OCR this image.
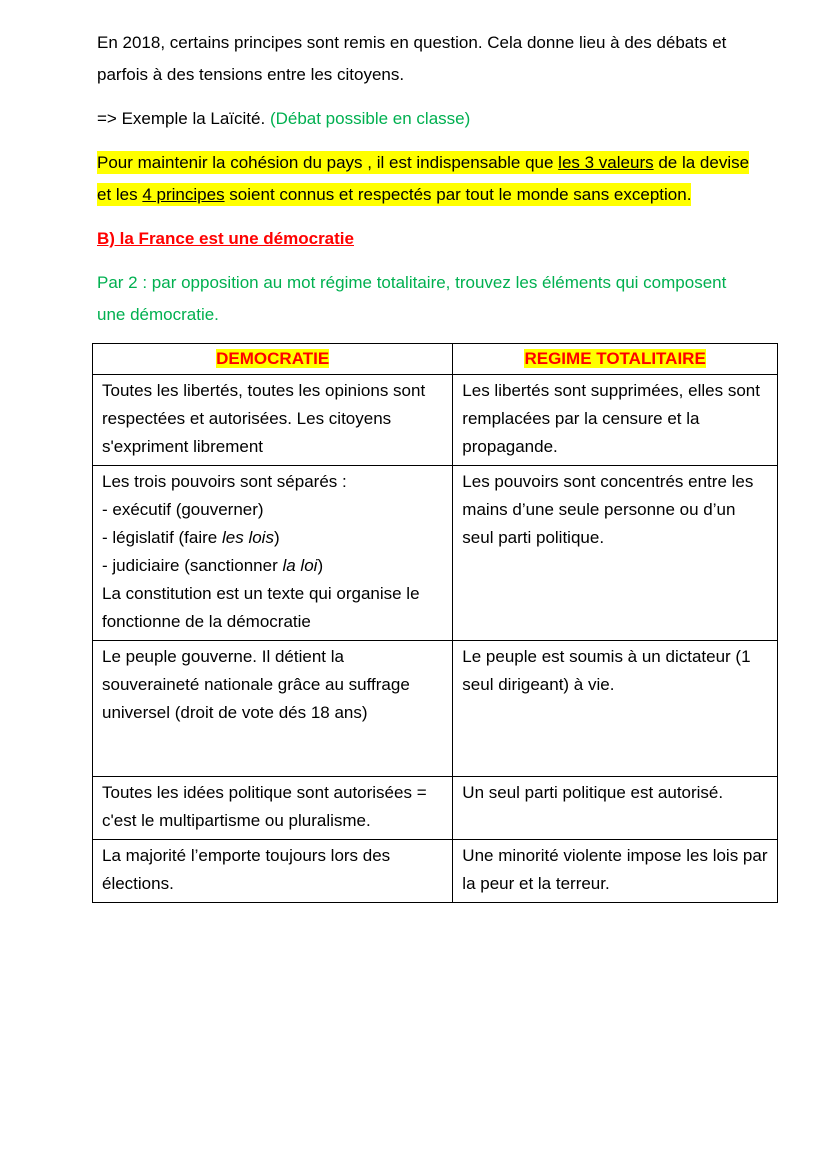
En 2018, certains principes sont remis en question. Cela donne lieu à des débats et parfois à des tensions entre les citoyens.

=> Exemple la Laïcité. (Débat possible en classe)

Pour maintenir la cohésion du pays , il est indispensable que les 3 valeurs de la devise et les 4 principes soient connus et respectés par tout le monde sans exception.

B) la France est une démocratie

Par 2 : par opposition au mot régime totalitaire, trouvez les éléments qui composent une démocratie.

DEMOCRATIE	REGIME TOTALITAIRE

Toutes les libertés, toutes les opinions sont respectées et autorisées. Les citoyens s'expriment librement	Les libertés sont supprimées, elles sont remplacées par la censure et la propagande.

Les trois pouvoirs sont séparés :
- exécutif (gouverner)
- législatif (faire les lois)
- judiciaire (sanctionner la loi)
La constitution est un texte qui organise le fonctionne de la démocratie	Les pouvoirs sont concentrés entre les mains d’une seule personne ou d’un seul parti politique.

Le peuple gouverne. Il détient la souveraineté nationale grâce au suffrage universel (droit de vote dés 18 ans)	Le peuple est soumis à un dictateur (1 seul dirigeant) à vie.

Toutes les idées politique sont autorisées = c'est le multipartisme ou pluralisme.	Un seul parti politique est autorisé.

La majorité l’emporte toujours lors des élections.	Une minorité violente impose les lois par la peur et la terreur.
